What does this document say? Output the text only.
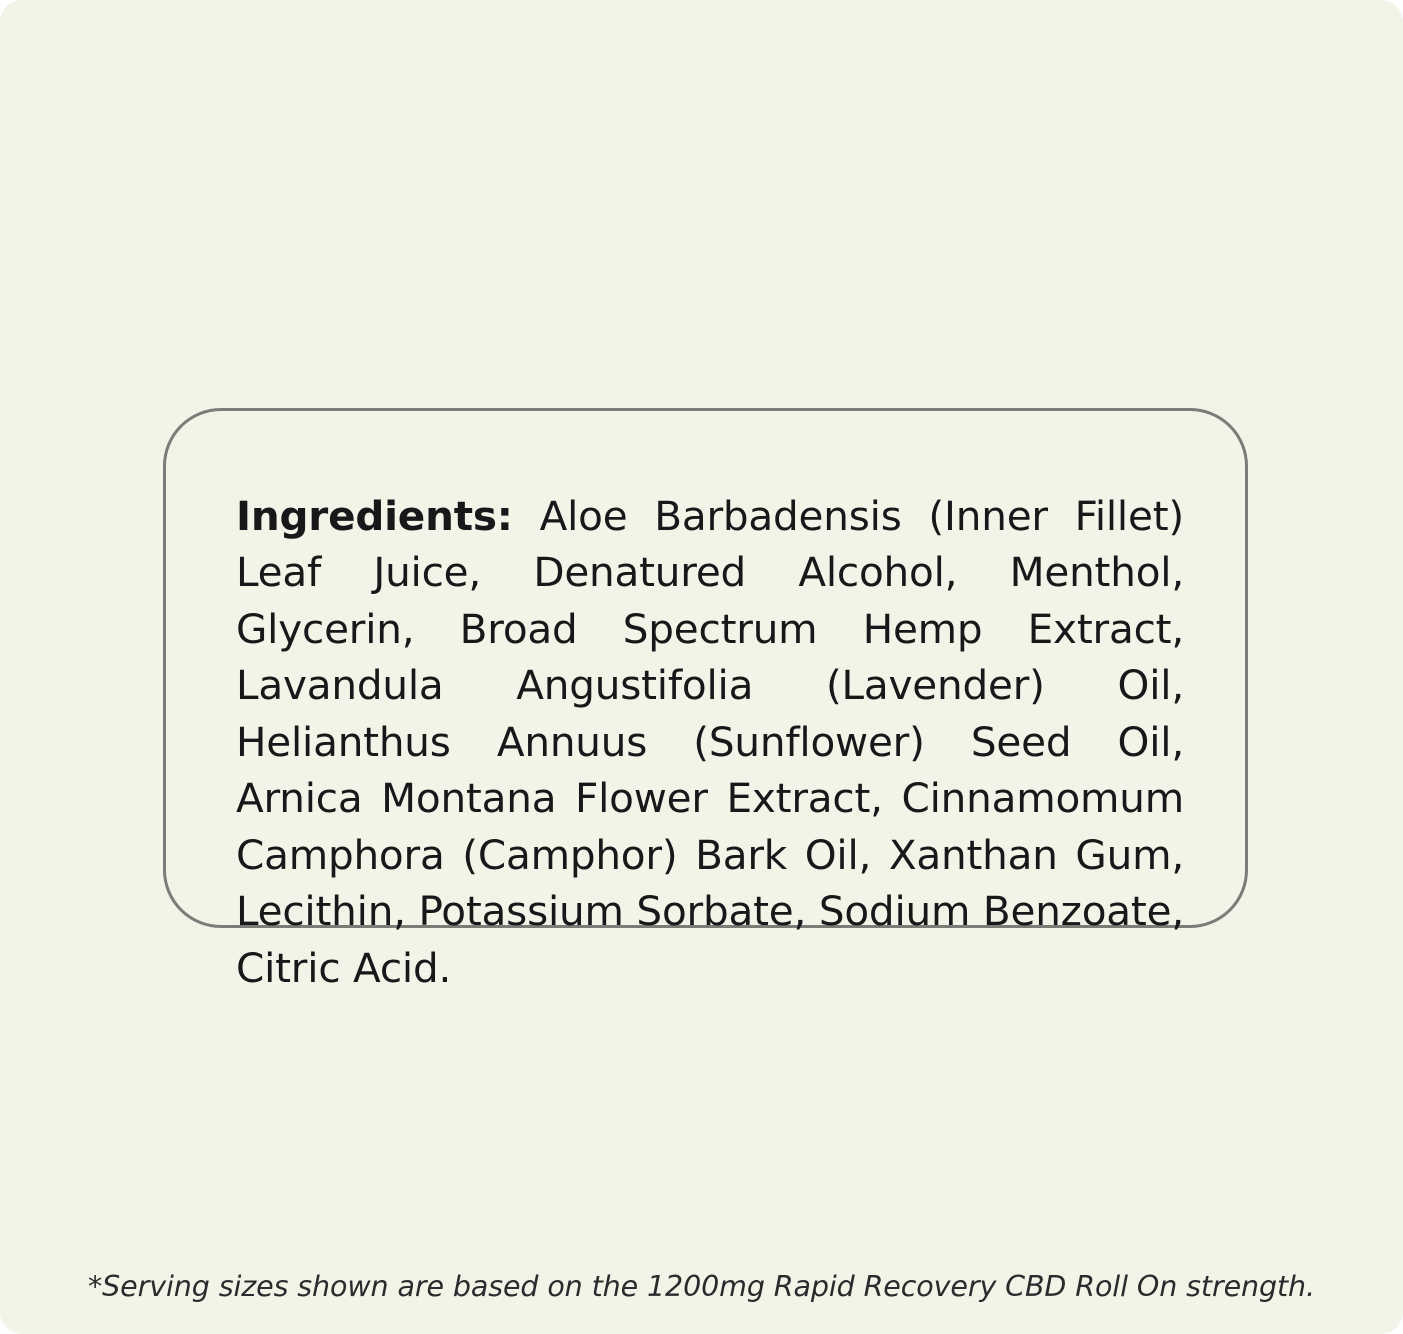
Ingredients: Aloe Barbadensis (Inner Fillet) Leaf Juice, Denatured Alcohol, Menthol, Glycerin, Broad Spectrum Hemp Extract, Lavandula Angustifolia (Lavender) Oil, Helianthus Annuus (Sunflower) Seed Oil, Arnica Montana Flower Extract, Cinnamomum Camphora (Camphor) Bark Oil, Xanthan Gum, Lecithin, Potassium Sorbate, Sodium Benzoate, Citric Acid.

*Serving sizes shown are based on the 1200mg Rapid Recovery CBD Roll On strength.
